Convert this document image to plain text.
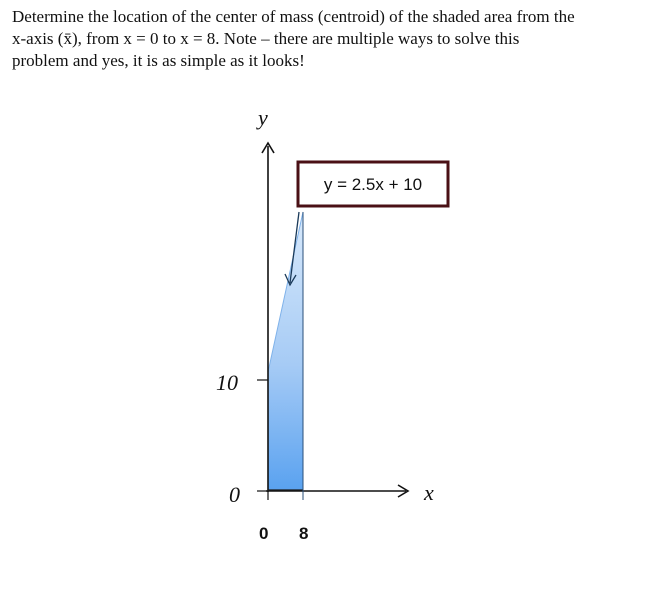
Determine the location of the center of mass (centroid) of the shaded area from the

x-axis (x̄), from x = 0 to x = 8. Note – there are multiple ways to solve this

problem and yes, it is as simple as it looks!

y
x
10
0
0 8
y = 2.5x + 10
